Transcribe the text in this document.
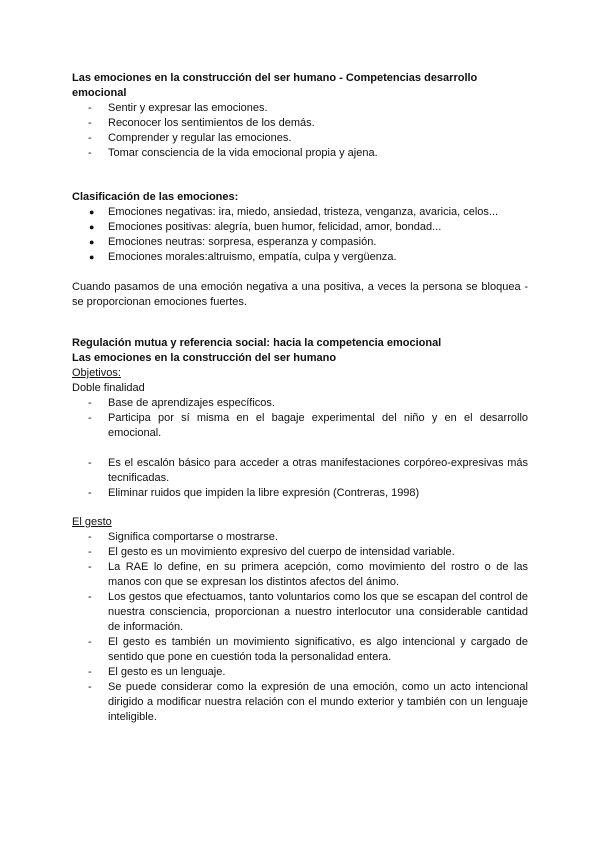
Las emociones en la construcción del ser humano - Competencias desarrollo emocional
-	Sentir y expresar las emociones.
-	Reconocer los sentimientos de los demás.
-	Comprender y regular las emociones.
-	Tomar consciencia de la vida emocional propia y ajena.
Clasificación de las emociones:
● Emociones negativas: ira, miedo, ansiedad, tristeza, venganza, avaricia, celos...
● Emociones positivas: alegría, buen humor, felicidad, amor, bondad...
● Emociones neutras: sorpresa, esperanza y compasión.
● Emociones morales:altruismo, empatía, culpa y vergüenza.
Cuando pasamos de una emoción negativa a una positiva, a veces la persona se bloquea - se proporcionan emociones fuertes.
Regulación mutua y referencia social: hacia la competencia emocional
Las emociones en la construcción del ser humano
Objetivos:
Doble finalidad
-	Base de aprendizajes específicos.
-	Participa por sí misma en el bagaje experimental del niño y en el desarrollo emocional.
-	Es el escalón básico para acceder a otras manifestaciones corpóreo-expresivas más tecnificadas.
-	Eliminar ruidos que impiden la libre expresión (Contreras, 1998)
El gesto
-	Significa comportarse o mostrarse.
-	El gesto es un movimiento expresivo del cuerpo de intensidad variable.
-	La RAE lo define, en su primera acepción, como movimiento del rostro o de las manos con que se expresan los distintos afectos del ánimo.
-	Los gestos que efectuamos, tanto voluntarios como los que se escapan del control de nuestra consciencia, proporcionan a nuestro interlocutor una considerable cantidad de información.
-	El gesto es también un movimiento significativo, es algo intencional y cargado de sentido que pone en cuestión toda la personalidad entera.
-	El gesto es un lenguaje.
-	Se puede considerar como la expresión de una emoción, como un acto intencional dirigido a modificar nuestra relación con el mundo exterior y también con un lenguaje inteligible.
